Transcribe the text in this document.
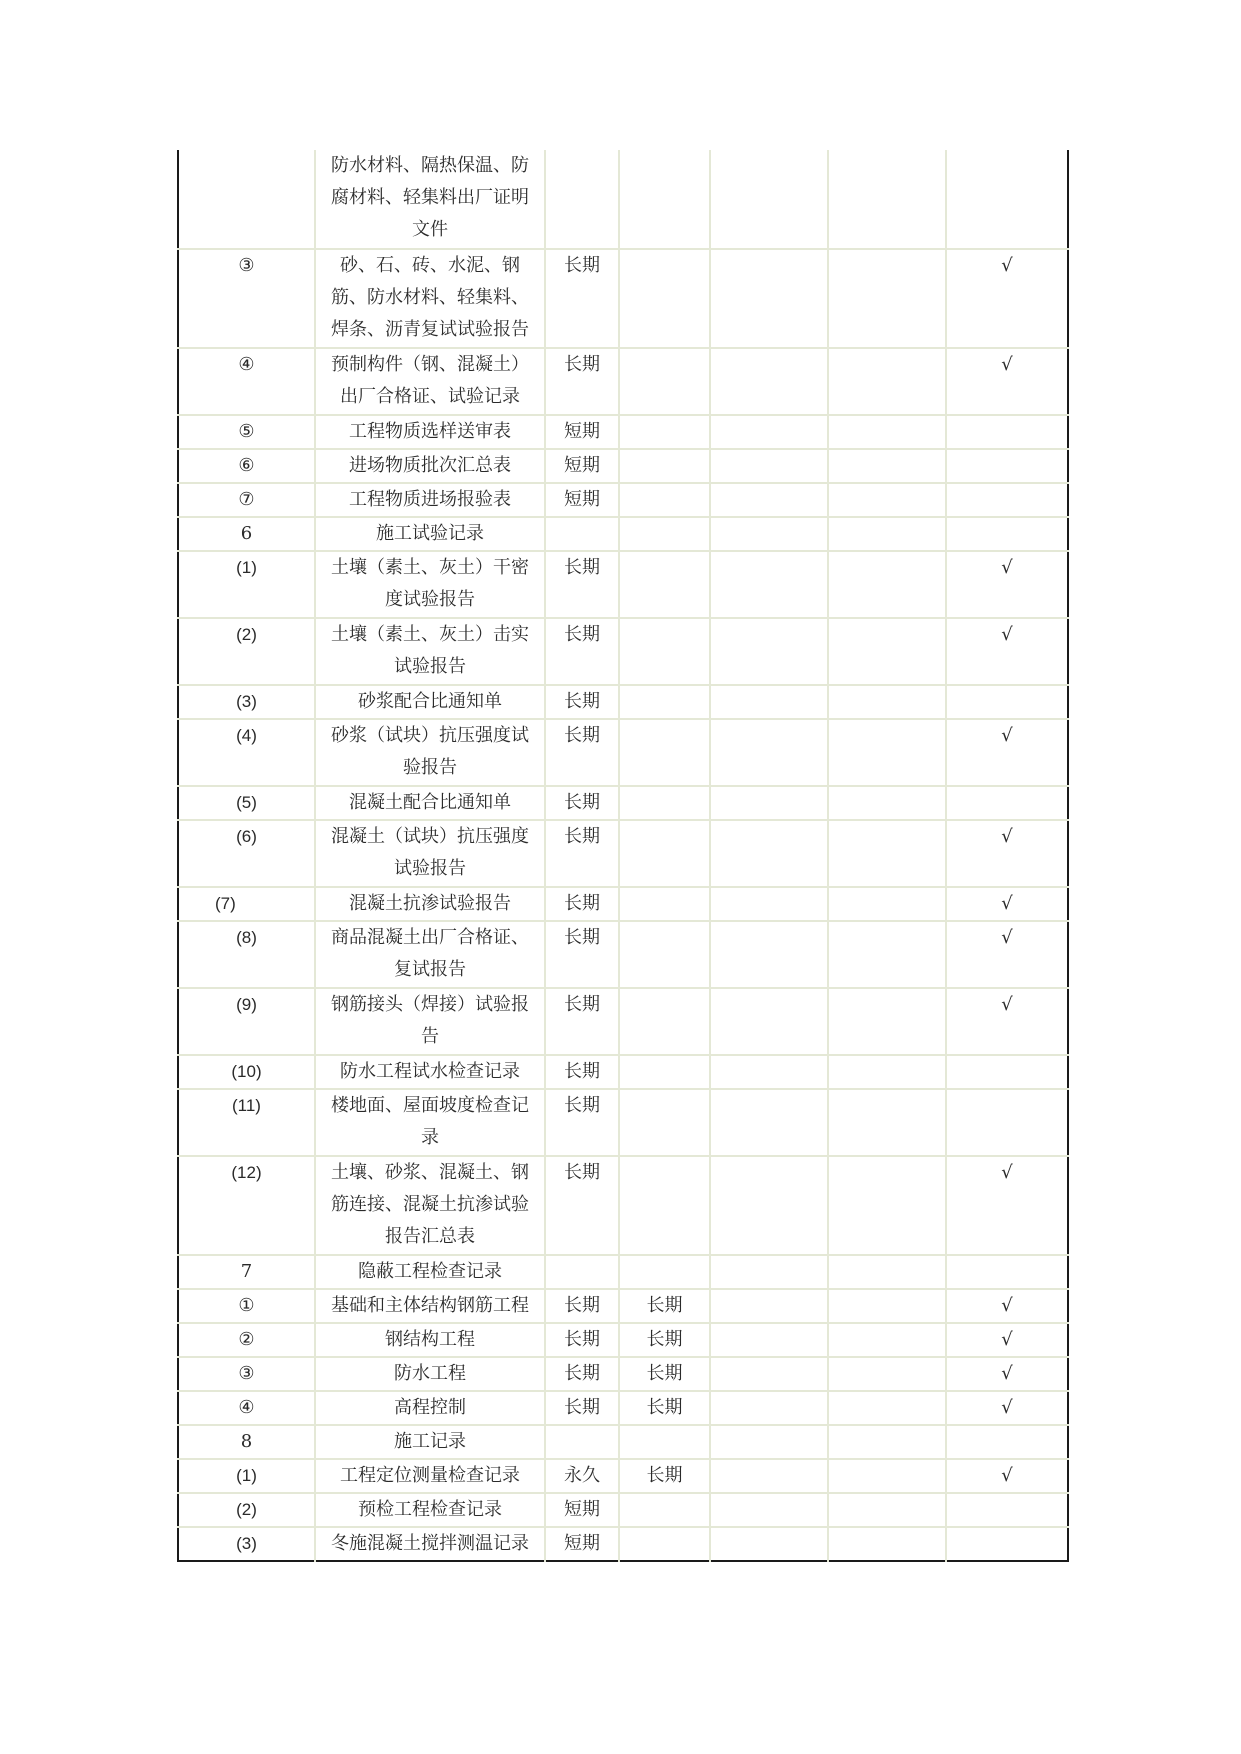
	防水材料、隔热保温、防腐材料、轻集料出厂证明文件					
③	砂、石、砖、水泥、钢筋、防水材料、轻集料、焊条、沥青复试试验报告	长期				√
④	预制构件（钢、混凝土）出厂合格证、试验记录	长期				√
⑤	工程物质选样送审表	短期				
⑥	进场物质批次汇总表	短期				
⑦	工程物质进场报验表	短期				
6	施工试验记录					
(1)	土壤（素土、灰土）干密度试验报告	长期				√
(2)	土壤（素土、灰土）击实试验报告	长期				√
(3)	砂浆配合比通知单	长期				
(4)	砂浆（试块）抗压强度试验报告	长期				√
(5)	混凝土配合比通知单	长期				
(6)	混凝土（试块）抗压强度试验报告	长期				√
(7)	混凝土抗渗试验报告	长期				√
(8)	商品混凝土出厂合格证、复试报告	长期				√
(9)	钢筋接头（焊接）试验报告	长期				√
(10)	防水工程试水检查记录	长期				
(11)	楼地面、屋面坡度检查记录	长期				
(12)	土壤、砂浆、混凝土、钢筋连接、混凝土抗渗试验报告汇总表	长期				√
7	隐蔽工程检查记录					
①	基础和主体结构钢筋工程	长期	长期			√
②	钢结构工程	长期	长期			√
③	防水工程	长期	长期			√
④	高程控制	长期	长期			√
8	施工记录					
(1)	工程定位测量检查记录	永久	长期			√
(2)	预检工程检查记录	短期				
(3)	冬施混凝土搅拌测温记录	短期				
